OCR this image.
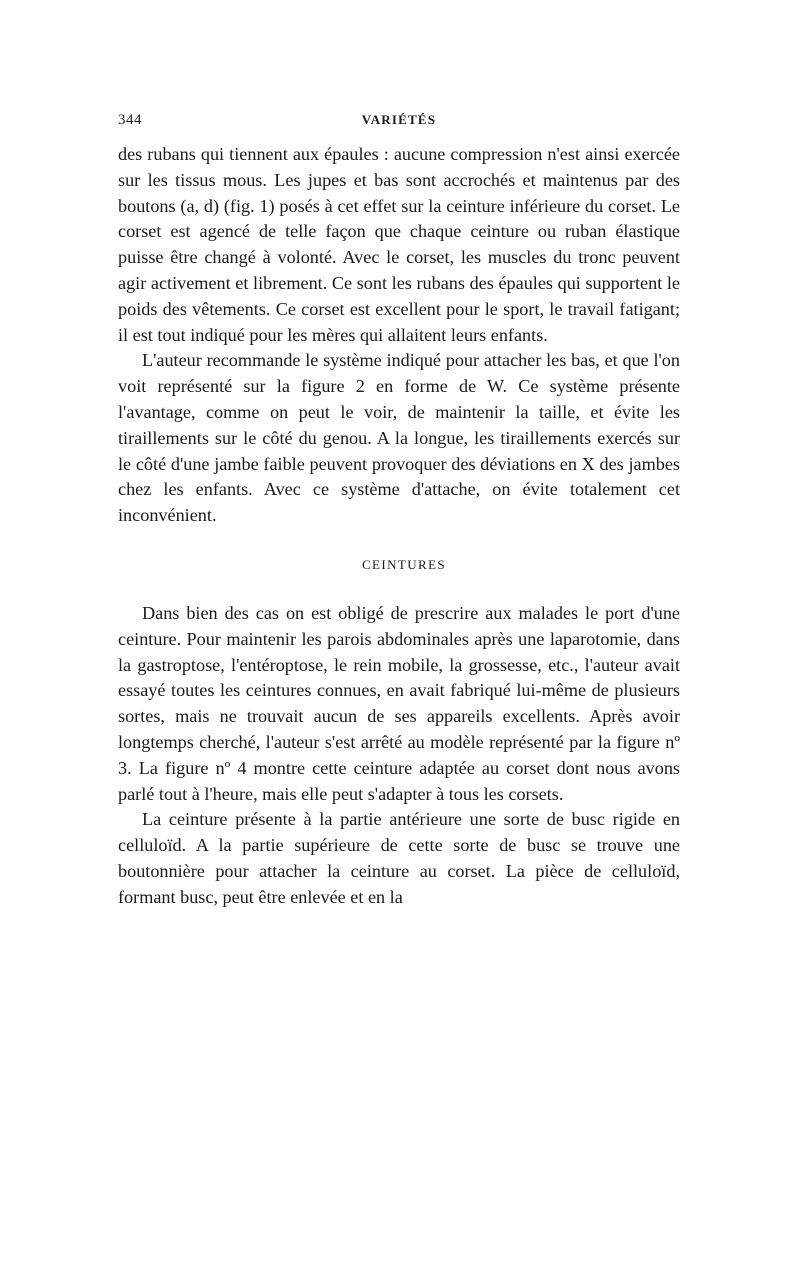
344	VARIÉTÉS

des rubans qui tiennent aux épaules : aucune compression n'est ainsi exercée sur les tissus mous. Les jupes et bas sont accrochés et maintenus par des boutons (a, d) (fig. 1) posés à cet effet sur la ceinture inférieure du corset. Le corset est agencé de telle façon que chaque ceinture ou ruban élastique puisse être changé à volonté. Avec le corset, les muscles du tronc peuvent agir activement et librement. Ce sont les rubans des épaules qui supportent le poids des vêtements. Ce corset est excellent pour le sport, le travail fatigant; il est tout indiqué pour les mères qui allaitent leurs enfants.

L'auteur recommande le système indiqué pour attacher les bas, et que l'on voit représenté sur la figure 2 en forme de W. Ce système présente l'avantage, comme on peut le voir, de maintenir la taille, et évite les tiraillements sur le côté du genou. A la longue, les tiraillements exercés sur le côté d'une jambe faible peuvent provoquer des déviations en X des jambes chez les enfants. Avec ce système d'attache, on évite totalement cet inconvénient.

CEINTURES

Dans bien des cas on est obligé de prescrire aux malades le port d'une ceinture. Pour maintenir les parois abdominales après une laparotomie, dans la gastroptose, l'entéroptose, le rein mobile, la grossesse, etc., l'auteur avait essayé toutes les ceintures connues, en avait fabriqué lui-même de plusieurs sortes, mais ne trouvait aucun de ses appareils excellents. Après avoir longtemps cherché, l'auteur s'est arrêté au modèle représenté par la figure nº 3. La figure nº 4 montre cette ceinture adaptée au corset dont nous avons parlé tout à l'heure, mais elle peut s'adapter à tous les corsets.

La ceinture présente à la partie antérieure une sorte de busc rigide en celluloïd. A la partie supérieure de cette sorte de busc se trouve une boutonnière pour attacher la ceinture au corset. La pièce de celluloïd, formant busc, peut être enlevée et en la
